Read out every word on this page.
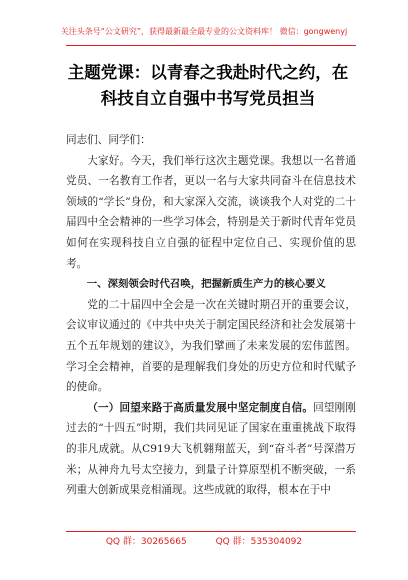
关注头条号“公文研究”，获得最新最全最专业的公文资料库！ 微信：gongwenyj
主题党课：以青春之我赴时代之约，在科技自立自强中书写党员担当

同志们、同学们：

大家好。今天，我们举行这次主题党课。我想以一名普通党员、一名教育工作者，更以一名与大家共同奋斗在信息技术领域的“学长”身份，和大家深入交流，谈谈我个人对党的二十届四中全会精神的一些学习体会，特别是关于新时代青年党员如何在实现科技自立自强的征程中定位自己、实现价值的思考。

一、深刻领会时代召唤，把握新质生产力的核心要义

党的二十届四中全会是一次在关键时期召开的重要会议，会议审议通过的《中共中央关于制定国民经济和社会发展第十五个五年规划的建议》，为我们擘画了未来发展的宏伟蓝图。学习全会精神，首要的是理解我们身处的历史方位和时代赋予的使命。

（一）回望来路于高质量发展中坚定制度自信。回望刚刚过去的“十四五”时期，我们共同见证了国家在重重挑战下取得的非凡成就。从C919大飞机翱翔蓝天，到“奋斗者”号深潜万米；从神舟九号太空接力，到量子计算原型机不断突破，一系列重大创新成果竞相涌现。这些成就的取得，根本在于中

QQ 群：30265665	QQ 群：535304092
